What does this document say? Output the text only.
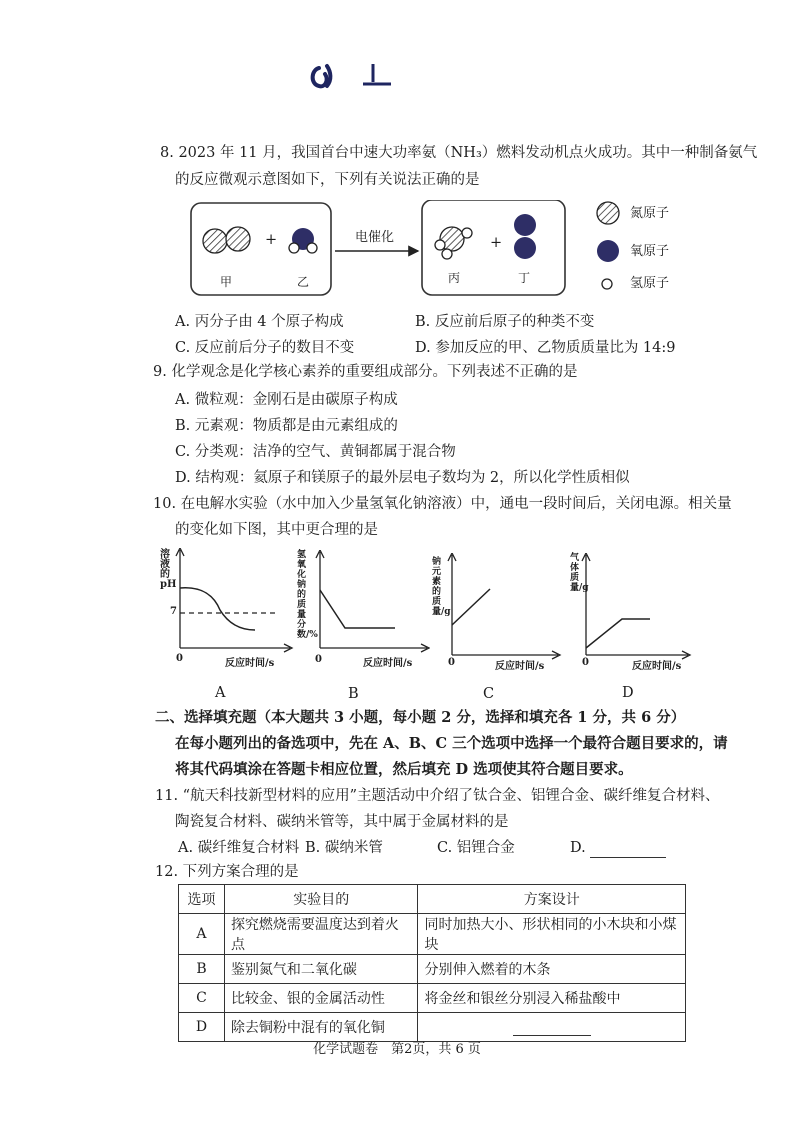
8. 2023 年 11 月，我国首台中速大功率氨（NH₃）燃料发动机点火成功。其中一种制备氨气
的反应微观示意图如下，下列有关说法正确的是
+	+
电催化
甲	乙	丙	丁
氮原子
氧原子
氢原子
A. 丙分子由 4 个原子构成	B. 反应前后原子的种类不变
C. 反应前后分子的数目不变	D. 参加反应的甲、乙物质质量比为 14:9
9. 化学观念是化学核心素养的重要组成部分。下列表述不正确的是
A. 微粒观：金刚石是由碳原子构成
B. 元素观：物质都是由元素组成的
C. 分类观：洁净的空气、黄铜都属于混合物
D. 结构观：氦原子和镁原子的最外层电子数均为 2，所以化学性质相似
10. 在电解水实验（水中加入少量氢氧化钠溶液）中，通电一段时间后，关闭电源。相关量
的变化如下图，其中更合理的是
溶液的pH
7
0	反应时间/s
A
氢氧化钠的质量分数/%
0	反应时间/s
B
钠元素的质量/g
0	反应时间/s
C
气体质量/g
0	反应时间/s
D
二、选择填充题（本大题共 3 小题，每小题 2 分，选择和填充各 1 分，共 6 分）
在每小题列出的备选项中，先在 A、B、C 三个选项中选择一个最符合题目要求的，请
将其代码填涂在答题卡相应位置，然后填充 D 选项使其符合题目要求。
11. “航天科技新型材料的应用”主题活动中介绍了钛合金、铝锂合金、碳纤维复合材料、
陶瓷复合材料、碳纳米管等，其中属于金属材料的是
A. 碳纤维复合材料 B. 碳纳米管	C. 铝锂合金	D.
12. 下列方案合理的是
选项	实验目的	方案设计
A	探究燃烧需要温度达到着火点	同时加热大小、形状相同的小木块和小煤块
B	鉴别氮气和二氧化碳	分别伸入燃着的木条
C	比较金、银的金属活动性	将金丝和银丝分别浸入稀盐酸中
D	除去铜粉中混有的氧化铜	
化学试题卷　第2页，共 6 页
